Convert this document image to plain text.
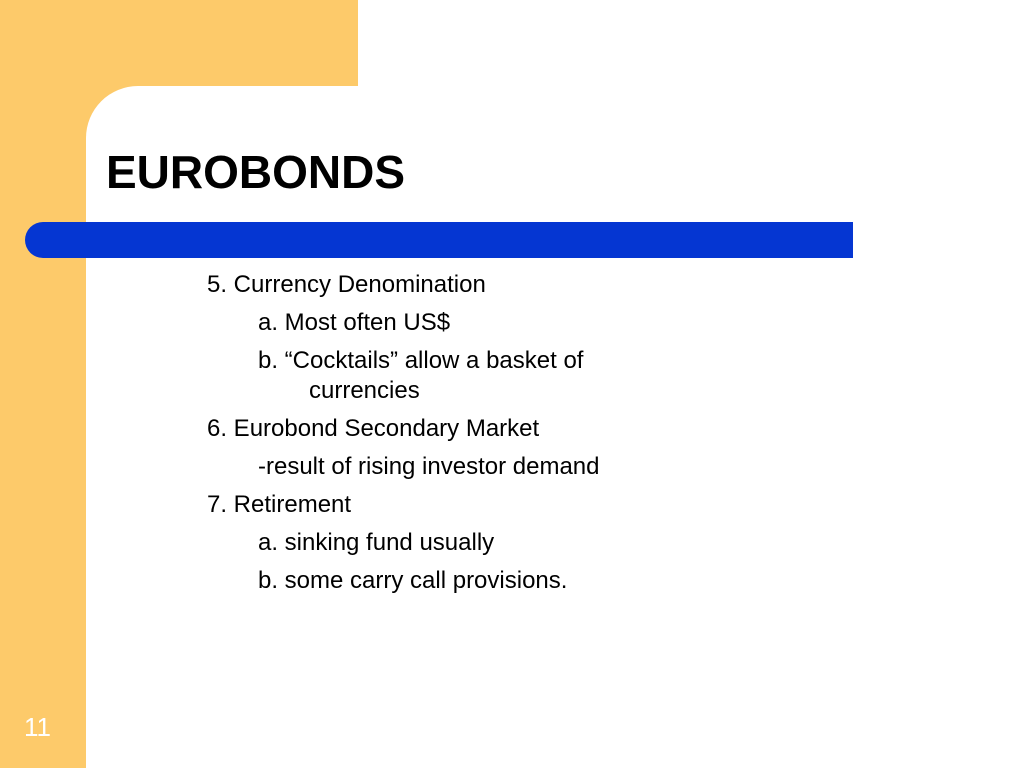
EUROBONDS
5. Currency Denomination
a. Most often US$
b. “Cocktails” allow a basket of
currencies
6. Eurobond Secondary Market
-result of rising investor demand
7. Retirement
a. sinking fund usually
b. some carry call provisions.

11
